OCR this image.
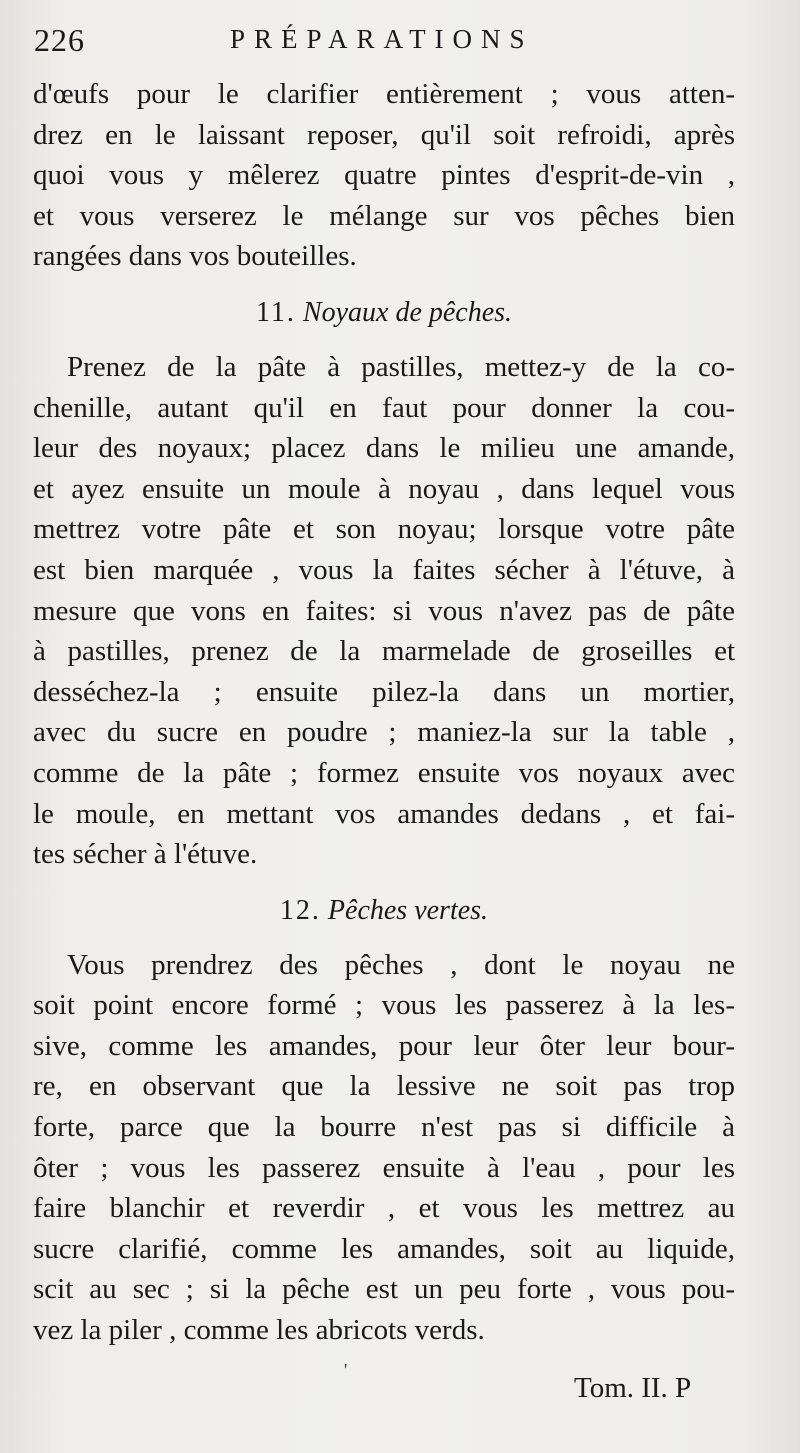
226	PRÉPARATIONS
d'œufs pour le clarifier entièrement ; vous atten-
drez en le laissant reposer, qu'il soit refroidi, après
quoi vous y mêlerez quatre pintes d'esprit-de-vin ,
et vous verserez le mélange sur vos pêches bien
rangées dans vos bouteilles.
11. Noyaux de pêches.
Prenez de la pâte à pastilles, mettez-y de la co-
chenille, autant qu'il en faut pour donner la cou-
leur des noyaux; placez dans le milieu une amande,
et ayez ensuite un moule à noyau , dans lequel vous
mettrez votre pâte et son noyau; lorsque votre pâte
est bien marquée , vous la faites sécher à l'étuve, à
mesure que vons en faites: si vous n'avez pas de pâte
à pastilles, prenez de la marmelade de groseilles et
desséchez-la ; ensuite pilez-la dans un mortier,
avec du sucre en poudre ; maniez-la sur la table ,
comme de la pâte ; formez ensuite vos noyaux avec
le moule, en mettant vos amandes dedans , et fai-
tes sécher à l'étuve.
12. Pêches vertes.
Vous prendrez des pêches , dont le noyau ne
soit point encore formé ; vous les passerez à la les-
sive, comme les amandes, pour leur ôter leur bour-
re, en observant que la lessive ne soit pas trop
forte, parce que la bourre n'est pas si difficile à
ôter ; vous les passerez ensuite à l'eau , pour les
faire blanchir et reverdir , et vous les mettrez au
sucre clarifié, comme les amandes, soit au liquide,
scit au sec ; si la pêche est un peu forte , vous pou-
vez la piler , comme les abricots verds.
'
Tom. II. P
